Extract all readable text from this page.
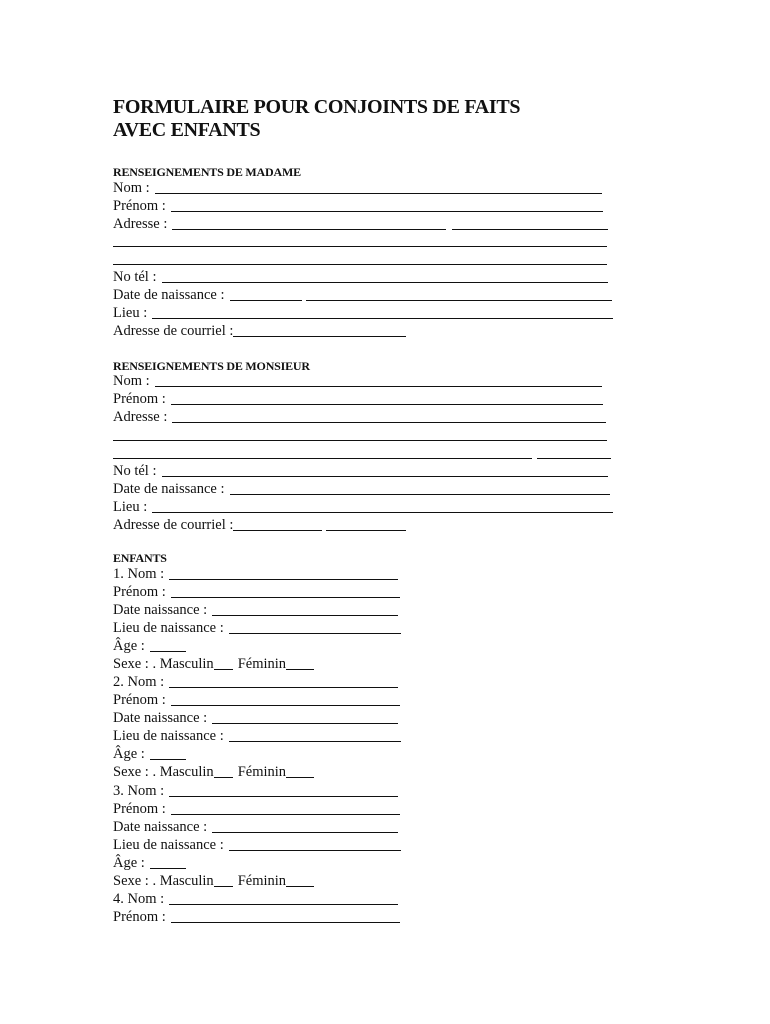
FORMULAIRE POUR CONJOINTS DE FAITS
AVEC ENFANTS
RENSEIGNEMENTS DE MADAME
Nom :
Prénom :
Adresse :
No tél :
Date de naissance :
Lieu :
Adresse de courriel :
RENSEIGNEMENTS DE MONSIEUR
Nom :
Prénom :
Adresse :
No tél :
Date de naissance :
Lieu :
Adresse de courriel :
ENFANTS
1. Nom :
Prénom :
Date naissance :
Lieu de naissance :
Âge :
Sexe : . Masculin Féminin
2. Nom :
Prénom :
Date naissance :
Lieu de naissance :
Âge :
Sexe : . Masculin Féminin
3. Nom :
Prénom :
Date naissance :
Lieu de naissance :
Âge :
Sexe : . Masculin Féminin
4. Nom :
Prénom :
